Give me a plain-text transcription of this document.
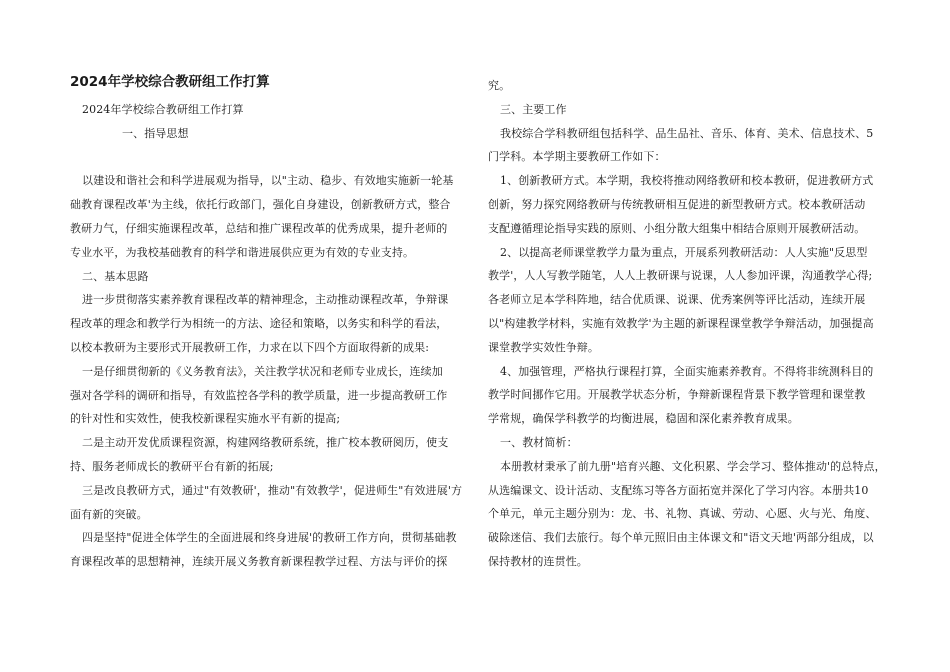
2024年学校综合教研组工作打算
2024年学校综合教研组工作打算
一、指导思想
以建设和谐社会和科学进展观为指导，以"主动、稳步、有效地实施新一轮基
础教育课程改革'为主线，依托行政部门，强化自身建设，创新教研方式，整合
教研力气，仔细实施课程改革，总结和推广课程改革的优秀成果，提升老师的
专业水平，为我校基础教育的科学和谐进展供应更为有效的专业支持。
二、基本思路
进一步贯彻落实素养教育课程改革的精神理念，主动推动课程改革，争辩课
程改革的理念和教学行为相统一的方法、途径和策略，以务实和科学的看法，
以校本教研为主要形式开展教研工作，力求在以下四个方面取得新的成果:
一是仔细贯彻新的《义务教育法》，关注教学状况和老师专业成长，连续加
强对各学科的调研和指导，有效监控各学科的教学质量，进一步提高教研工作
的针对性和实效性，使我校新课程实施水平有新的提高;
二是主动开发优质课程资源，构建网络教研系统，推广校本教研阅历，使支
持、服务老师成长的教研平台有新的拓展;
三是改良教研方式，通过"有效教研'，推动"有效教学'，促进师生"有效进展'方
面有新的突破。
四是坚持"促进全体学生的全面进展和终身进展'的教研工作方向，贯彻基础教
育课程改革的思想精神，连续开展义务教育新课程教学过程、方法与评价的探
究。
三、主要工作
我校综合学科教研组包括科学、品生品社、音乐、体育、美术、信息技术、5
门学科。本学期主要教研工作如下：
1、创新教研方式。本学期，我校将推动网络教研和校本教研，促进教研方式
创新，努力探究网络教研与传统教研相互促进的新型教研方式。校本教研活动
支配遵循理论指导实践的原则、小组分散大组集中相结合原则开展教研活动。
2、以提高老师课堂教学力量为重点，开展系列教研活动：人人实施"反思型
教学'，人人写教学随笔，人人上教研课与说课，人人参加评课，沟通教学心得;
各老师立足本学科阵地，结合优质课、说课、优秀案例等评比活动，连续开展
以"构建教学材料，实施有效教学'为主题的新课程课堂教学争辩活动，加强提高
课堂教学实效性争辩。
4、加强管理，严格执行课程打算，全面实施素养教育。不得将非统测科目的
教学时间挪作它用。开展教学状态分析，争辩新课程背景下教学管理和课堂教
学常规，确保学科教学的均衡进展，稳固和深化素养教育成果。
一、教材简析：
本册教材秉承了前九册"培育兴趣、文化积累、学会学习、整体推动'的总特点，
从选编课文、设计活动、支配练习等各方面拓宽并深化了学习内容。本册共10
个单元，单元主题分别为：龙、书、礼物、真诚、劳动、心愿、火与光、角度、
破除迷信、我们去旅行。每个单元照旧由主体课文和"语文天地'两部分组成，以
保持教材的连贯性。
